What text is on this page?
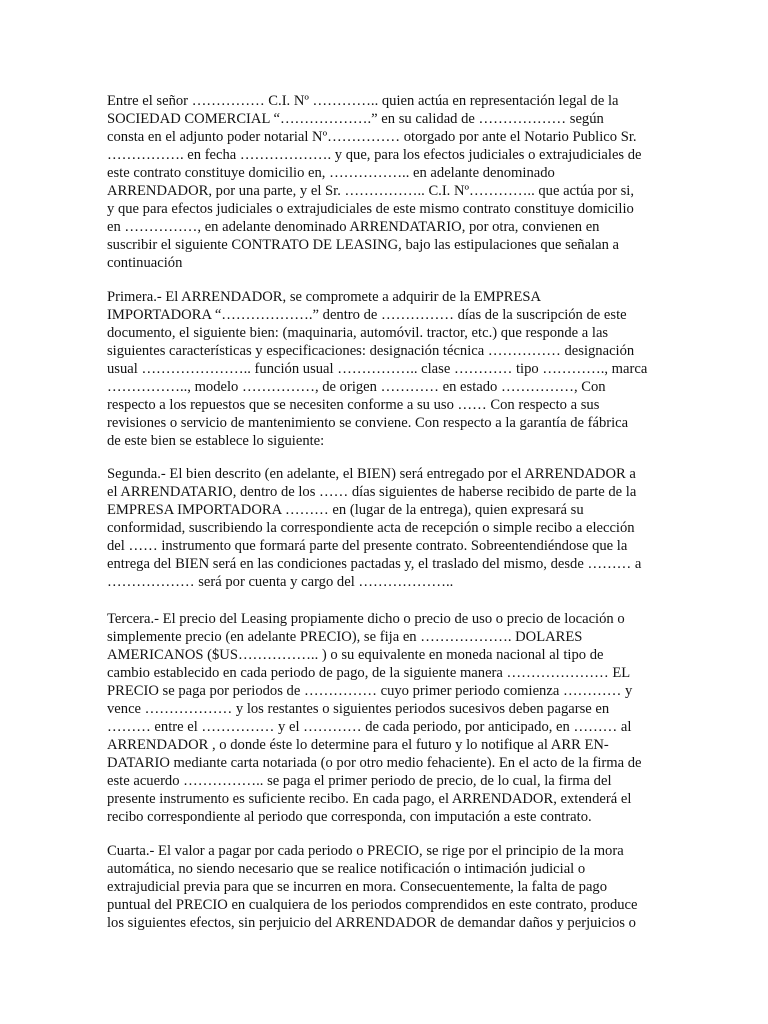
Entre el señor …………… C.I. Nº ………….. quien actúa en representación legal de la
SOCIEDAD COMERCIAL “……………….” en su calidad de ……………… según
consta en el adjunto poder notarial Nº…………… otorgado por ante el Notario Publico Sr.
……………. en fecha ………………. y que, para los efectos judiciales o extrajudiciales de
este contrato constituye domicilio en, …………….. en adelante denominado
ARRENDADOR, por una parte, y el Sr. …………….. C.I. Nº………….. que actúa por si,
y que para efectos judiciales o extrajudiciales de este mismo contrato constituye domicilio
en ……………, en adelante denominado ARRENDATARIO, por otra, convienen en
suscribir el siguiente CONTRATO DE LEASING, bajo las estipulaciones que señalan a
continuación

Primera.- El ARRENDADOR, se compromete a adquirir de la EMPRESA
IMPORTADORA “……………….” dentro de …………… días de la suscripción de este
documento, el siguiente bien: (maquinaria, automóvil. tractor, etc.) que responde a las
siguientes características y especificaciones: designación técnica …………… designación
usual ………………….. función usual …………….. clase ………… tipo …………., marca
…………….., modelo ……………, de origen ………… en estado ……………, Con
respecto a los repuestos que se necesiten conforme a su uso …… Con respecto a sus
revisiones o servicio de mantenimiento se conviene. Con respecto a la garantía de fábrica
de este bien se establece lo siguiente:

Segunda.- El bien descrito (en adelante, el BIEN) será entregado por el ARRENDADOR a
el ARRENDATARIO, dentro de los …… días siguientes de haberse recibido de parte de la
EMPRESA IMPORTADORA ……… en (lugar de la entrega), quien expresará su
conformidad, suscribiendo la correspondiente acta de recepción o simple recibo a elección
del …… instrumento que formará parte del presente contrato. Sobreentendiéndose que la
entrega del BIEN será en las condiciones pactadas y, el traslado del mismo, desde ……… a
……………… será por cuenta y cargo del ………………..

Tercera.- El precio del Leasing propiamente dicho o precio de uso o precio de locación o
simplemente precio (en adelante PRECIO), se fija en ………………. DOLARES
AMERICANOS ($US…………….. ) o su equivalente en moneda nacional al tipo de
cambio establecido en cada periodo de pago, de la siguiente manera ………………… EL
PRECIO se paga por periodos de …………… cuyo primer periodo comienza ………… y
vence ……………… y los restantes o siguientes periodos sucesivos deben pagarse en
……… entre el …………… y el ………… de cada periodo, por anticipado, en ……… al
ARRENDADOR , o donde éste lo determine para el futuro y lo notifique al ARR EN-
DATARIO mediante carta notariada (o por otro medio fehaciente). En el acto de la firma de
este acuerdo …………….. se paga el primer periodo de precio, de lo cual, la firma del
presente instrumento es suficiente recibo. En cada pago, el ARRENDADOR, extenderá el
recibo correspondiente al periodo que corresponda, con imputación a este contrato.

Cuarta.- El valor a pagar por cada periodo o PRECIO, se rige por el principio de la mora
automática, no siendo necesario que se realice notificación o intimación judicial o
extrajudicial previa para que se incurren en mora. Consecuentemente, la falta de pago
puntual del PRECIO en cualquiera de los periodos comprendidos en este contrato, produce
los siguientes efectos, sin perjuicio del ARRENDADOR de demandar daños y perjuicios o
